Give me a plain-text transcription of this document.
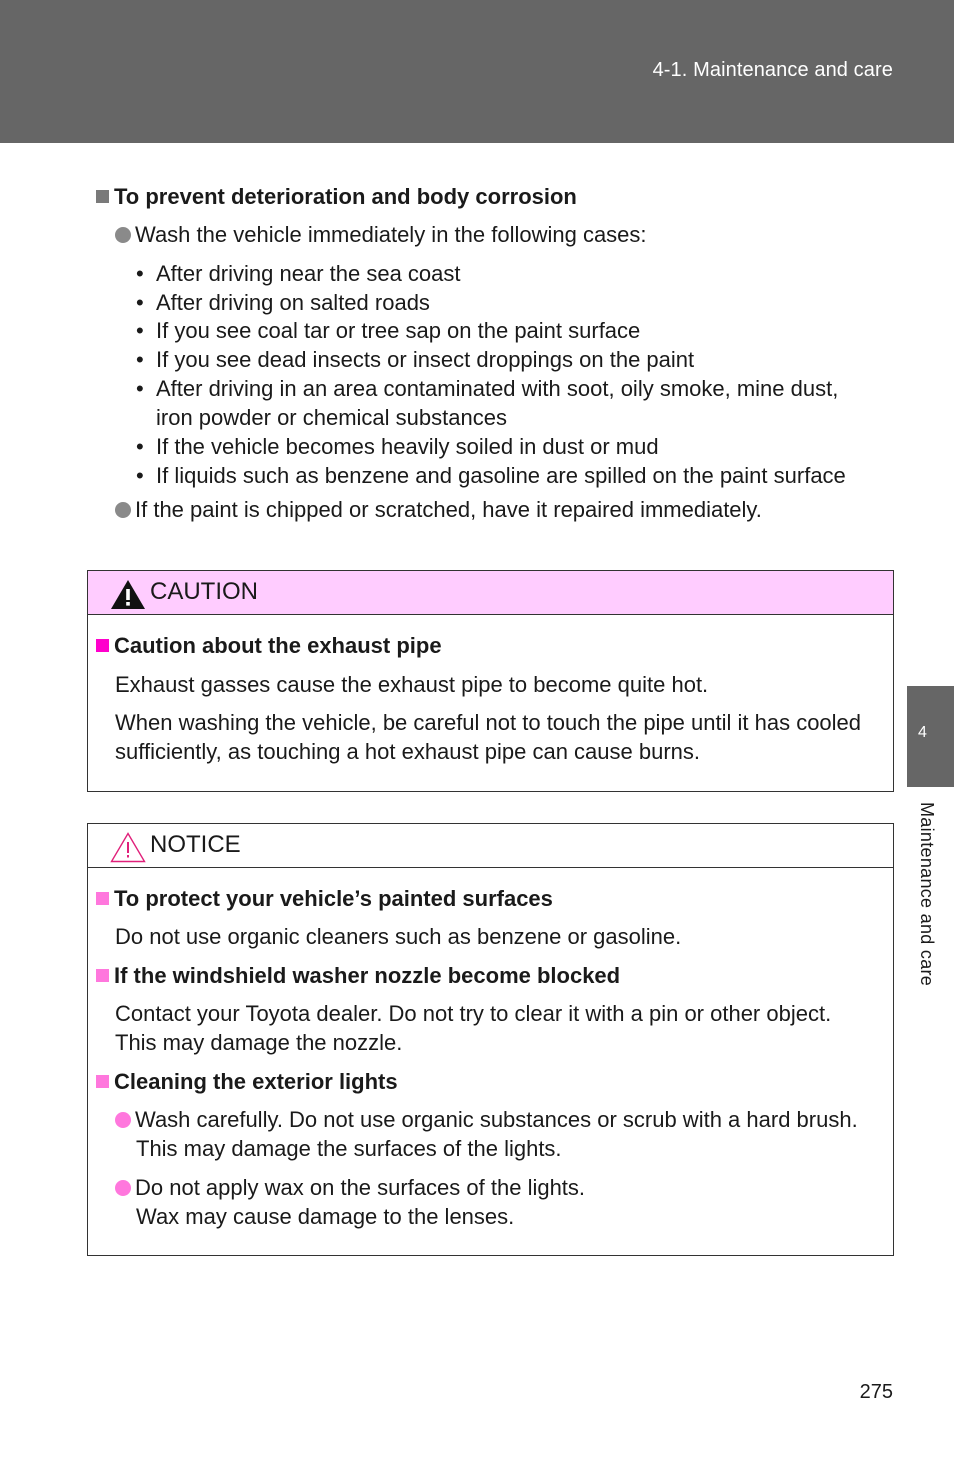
4-1. Maintenance and care
4
Maintenance and care
To prevent deterioration and body corrosion
Wash the vehicle immediately in the following cases:
• After driving near the sea coast
• After driving on salted roads
• If you see coal tar or tree sap on the paint surface
• If you see dead insects or insect droppings on the paint
• After driving in an area contaminated with soot, oily smoke, mine dust,
iron powder or chemical substances
• If the vehicle becomes heavily soiled in dust or mud
• If liquids such as benzene and gasoline are spilled on the paint surface
If the paint is chipped or scratched, have it repaired immediately.
CAUTION
Caution about the exhaust pipe
Exhaust gasses cause the exhaust pipe to become quite hot.
When washing the vehicle, be careful not to touch the pipe until it has cooled
sufficiently, as touching a hot exhaust pipe can cause burns.
NOTICE
To protect your vehicle’s painted surfaces
Do not use organic cleaners such as benzene or gasoline.
If the windshield washer nozzle become blocked
Contact your Toyota dealer. Do not try to clear it with a pin or other object.
This may damage the nozzle.
Cleaning the exterior lights
Wash carefully. Do not use organic substances or scrub with a hard brush.
This may damage the surfaces of the lights.
Do not apply wax on the surfaces of the lights.
Wax may cause damage to the lenses.
275
